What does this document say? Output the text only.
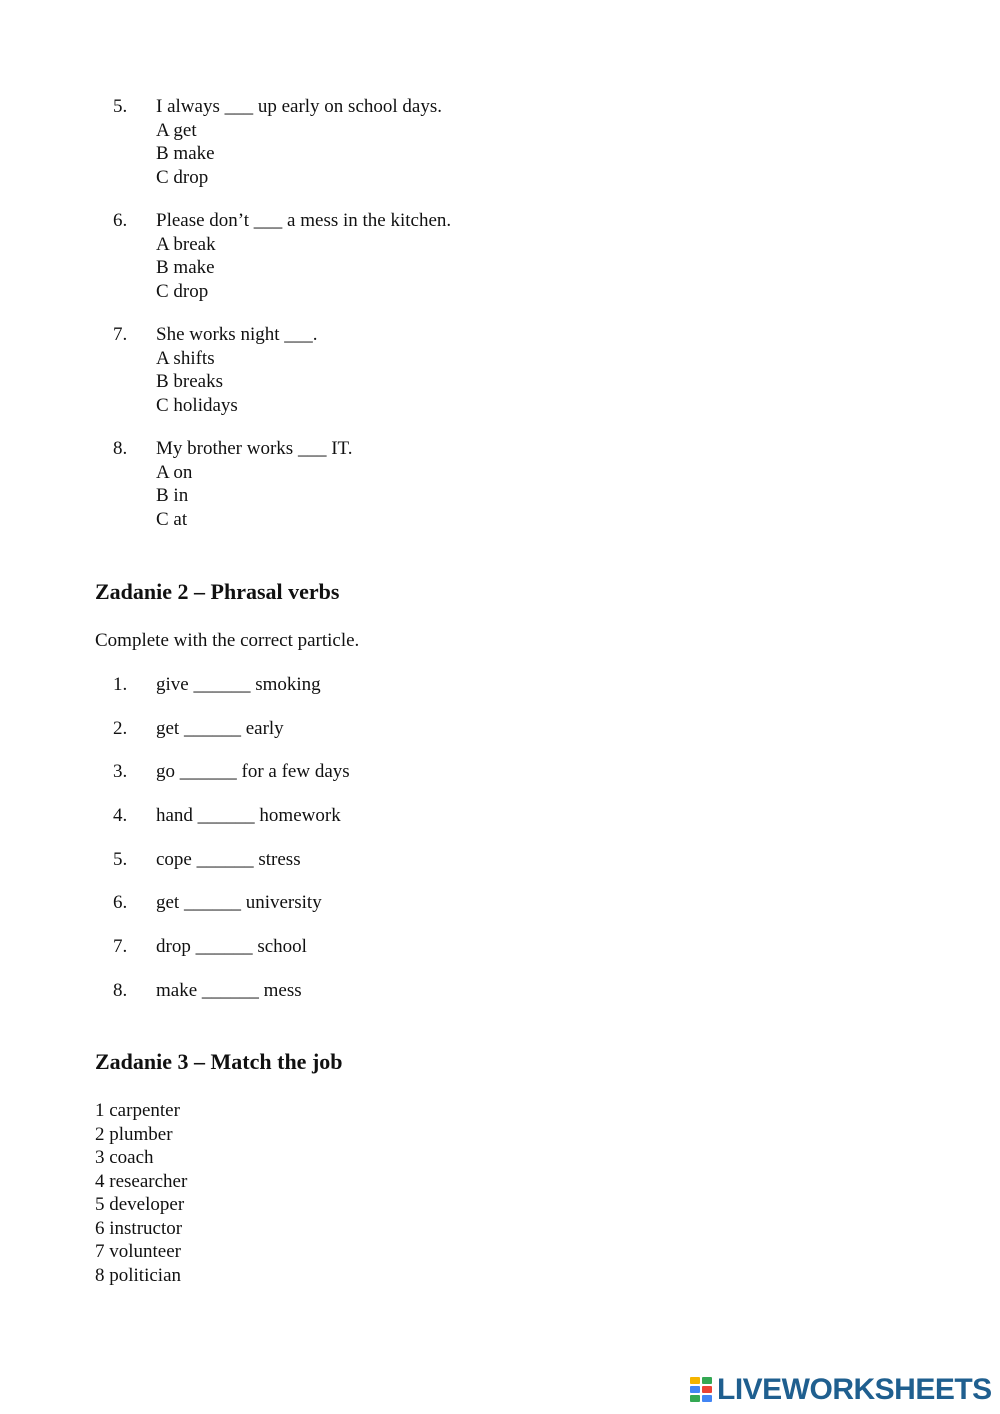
5. I always ___ up early on school days.
A get
B make
C drop
6. Please don’t ___ a mess in the kitchen.
A break
B make
C drop
7. She works night ___.
A shifts
B breaks
C holidays
8. My brother works ___ IT.
A on
B in
C at
Zadanie 2 – Phrasal verbs
Complete with the correct particle.
1. give ______ smoking
2. get ______ early
3. go ______ for a few days
4. hand ______ homework
5. cope ______ stress
6. get ______ university
7. drop ______ school
8. make ______ mess
Zadanie 3 – Match the job
1 carpenter
2 plumber
3 coach
4 researcher
5 developer
6 instructor
7 volunteer
8 politician
LIVEWORKSHEETS
